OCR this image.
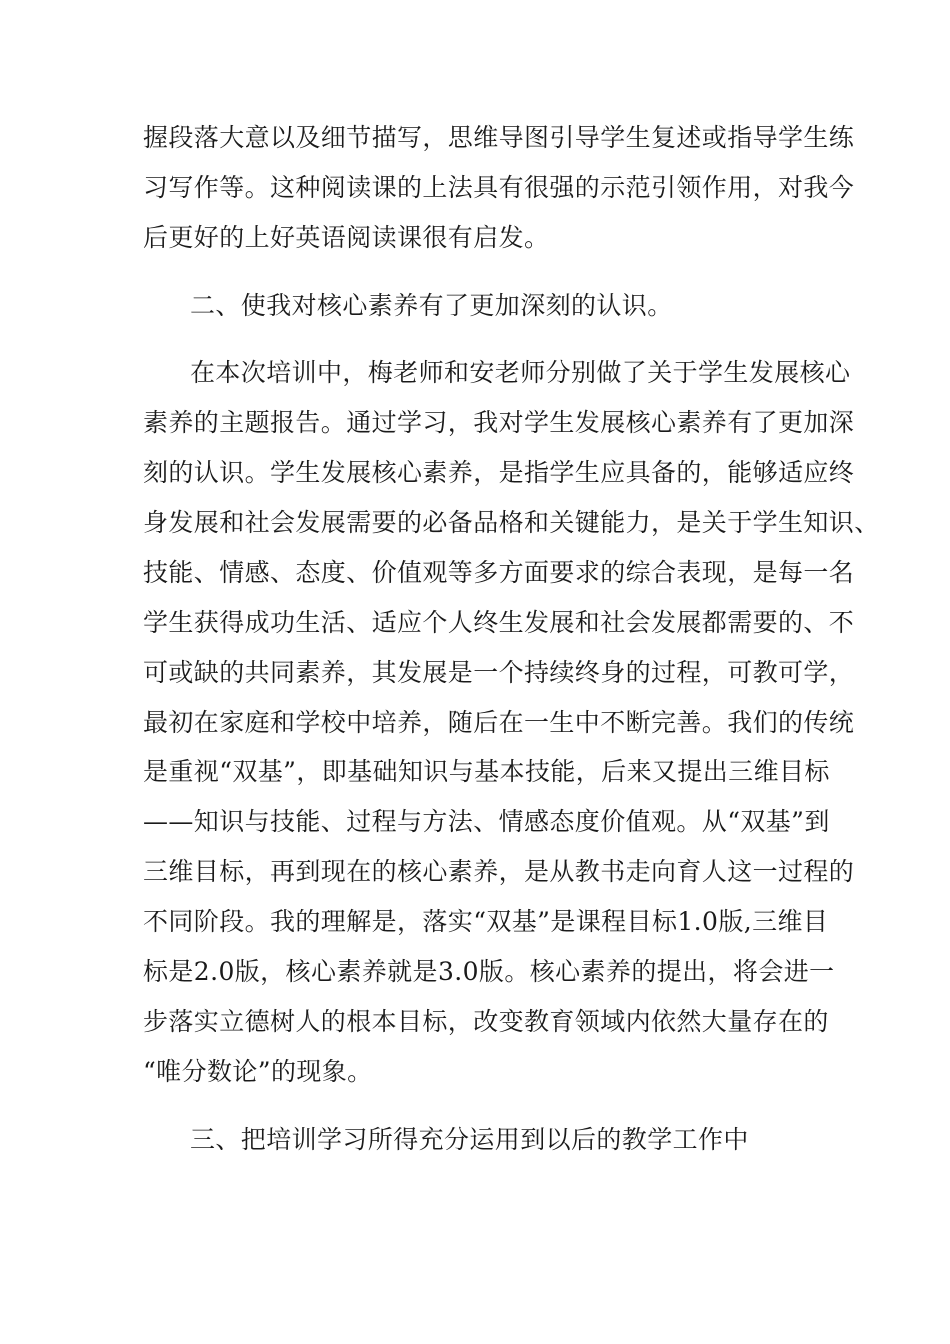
握段落大意以及细节描写，思维导图引导学生复述或指导学生练
习写作等。这种阅读课的上法具有很强的示范引领作用，对我今
后更好的上好英语阅读课很有启发。
二、使我对核心素养有了更加深刻的认识。
在本次培训中，梅老师和安老师分别做了关于学生发展核心
素养的主题报告。通过学习，我对学生发展核心素养有了更加深
刻的认识。学生发展核心素养，是指学生应具备的，能够适应终
身发展和社会发展需要的必备品格和关键能力，是关于学生知识、
技能、情感、态度、价值观等多方面要求的综合表现，是每一名
学生获得成功生活、适应个人终生发展和社会发展都需要的、不
可或缺的共同素养，其发展是一个持续终身的过程，可教可学，
最初在家庭和学校中培养，随后在一生中不断完善。我们的传统
是重视“双基”，即基础知识与基本技能，后来又提出三维目标
——知识与技能、过程与方法、情感态度价值观。从“双基”到
三维目标，再到现在的核心素养，是从教书走向育人这一过程的
不同阶段。我的理解是，落实“双基”是课程目标1.0版,三维目
标是2.0版，核心素养就是3.0版。核心素养的提出，将会进一
步落实立德树人的根本目标，改变教育领域内依然大量存在的
“唯分数论”的现象。
三、把培训学习所得充分运用到以后的教学工作中
